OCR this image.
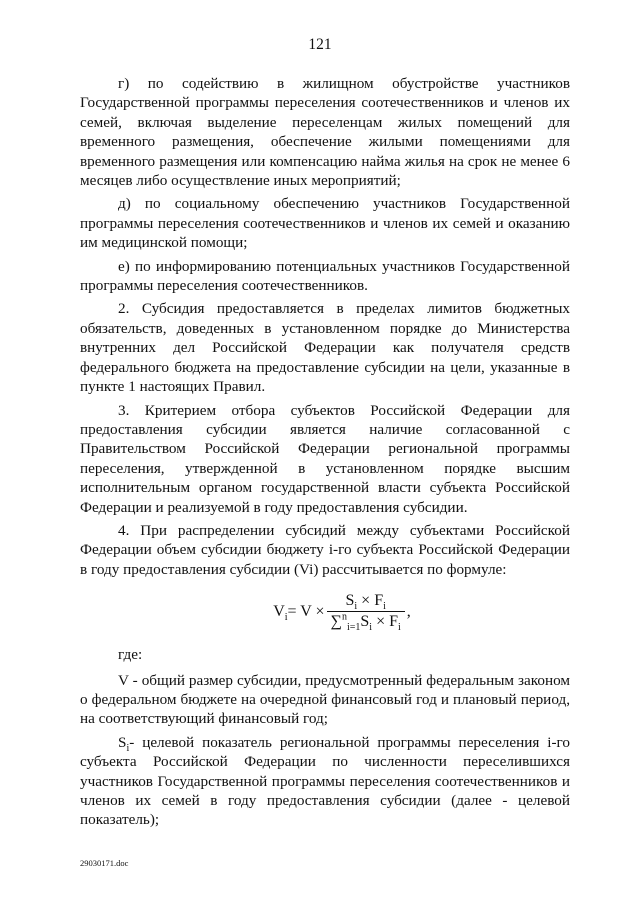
121

г) по содействию в жилищном обустройстве участников Государственной программы переселения соотечественников и членов их семей, включая выделение переселенцам жилых помещений для временного размещения, обеспечение жилыми помещениями для временного размещения или компенсацию найма жилья на срок не менее 6 месяцев либо осуществление иных мероприятий;

д) по социальному обеспечению участников Государственной программы переселения соотечественников и членов их семей и оказанию им медицинской помощи;

е) по информированию потенциальных участников Государственной программы переселения соотечественников.

2. Субсидия предоставляется в пределах лимитов бюджетных обязательств, доведенных в установленном порядке до Министерства внутренних дел Российской Федерации как получателя средств федерального бюджета на предоставление субсидии на цели, указанные в пункте 1 настоящих Правил.

3. Критерием отбора субъектов Российской Федерации для предоставления субсидии является наличие согласованной с Правительством Российской Федерации региональной программы переселения, утвержденной в установленном порядке высшим исполнительным органом государственной власти субъекта Российской Федерации и реализуемой в году предоставления субсидии.

4. При распределении субсидий между субъектами Российской Федерации объем субсидии бюджету i-го субъекта Российской Федерации в году предоставления субсидии (Vi) рассчитывается по формуле:

$V_i= V \times \frac{S_i \times F_i}{\sum^n_{i=1}S_i \times F_i}$ ,

где:

V - общий размер субсидии, предусмотренный федеральным законом о федеральном бюджете на очередной финансовый год и плановый период, на соответствующий финансовый год;

$S_i-$ целевой показатель региональной программы переселения i-го субъекта Российской Федерации по численности переселившихся участников Государственной программы переселения соотечественников и членов их семей в году предоставления субсидии (далее - целевой показатель);

29030171.doc
